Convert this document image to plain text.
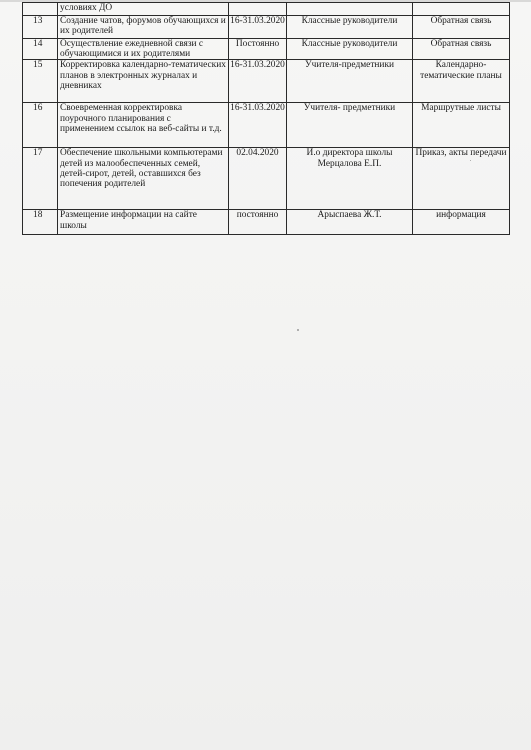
	условиях ДО			
13	Создание чатов, форумов обучающихся и их родителей	16-31.03.2020	Классные руководители	Обратная связь
14	Осуществление ежедневной связи с обучающимися и их родителями	Постоянно	Классные руководители	Обратная связь
15	Корректировка календарно-тематических планов в электронных журналах и дневниках	16-31.03.2020	Учителя-предметники	Календарно-тематические планы
16	Своевременная корректировка поурочного планирования с применением ссылок на веб-сайты и т.д.	16-31.03.2020	Учителя- предметники	Маршрутные листы
17	Обеспечение школьными компьютерами детей из малообеспеченных семей, детей-сирот, детей, оставшихся без попечения родителей	02.04.2020	И.о директора школы Мерцалова Е.П.	Приказ, акты передачи
18	Размещение информации на сайте школы	постоянно	Арыспаева Ж.Т.	информация
